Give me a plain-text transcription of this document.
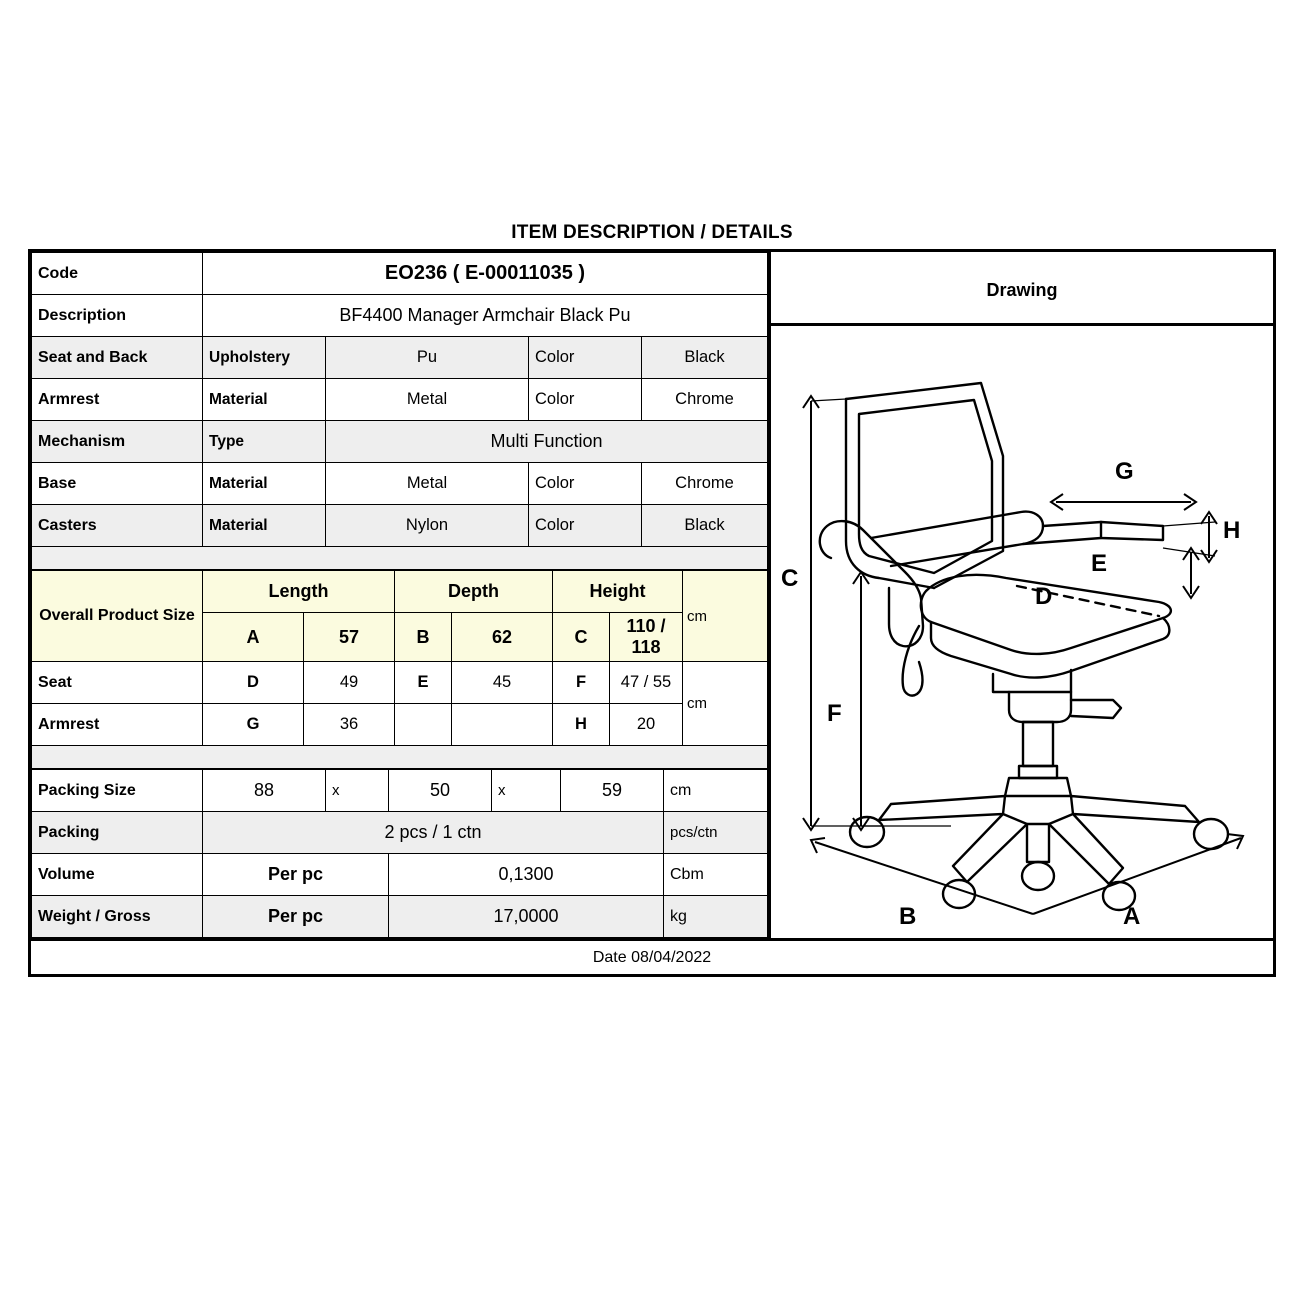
ITEM DESCRIPTION / DETAILS
Code	EO236 ( E-00011035 )			
Description	BF4400 Manager Armchair Black Pu			
Seat and Back	Upholstery	Pu	Color	Black
Armrest	Material	Metal	Color	Chrome
Mechanism	Type	Multi Function		
Base	Material	Metal	Color	Chrome
Casters	Material	Nylon	Color	Black

Overall Product Size	Length		Depth		Height		cm
	A	57	B	62	C	110 / 118	
Seat	D	49	E	45	F	47 / 55	cm
Armrest	G	36			H	20	

Packing Size	88	x	50	x	59	cm
Packing	2 pcs / 1 ctn					pcs/ctn
Volume	Per pc		0,1300			Cbm
Weight / Gross	Per pc		17,0000			kg
Drawing
C
F
G
H
E
D
B	A
Date 08/04/2022
